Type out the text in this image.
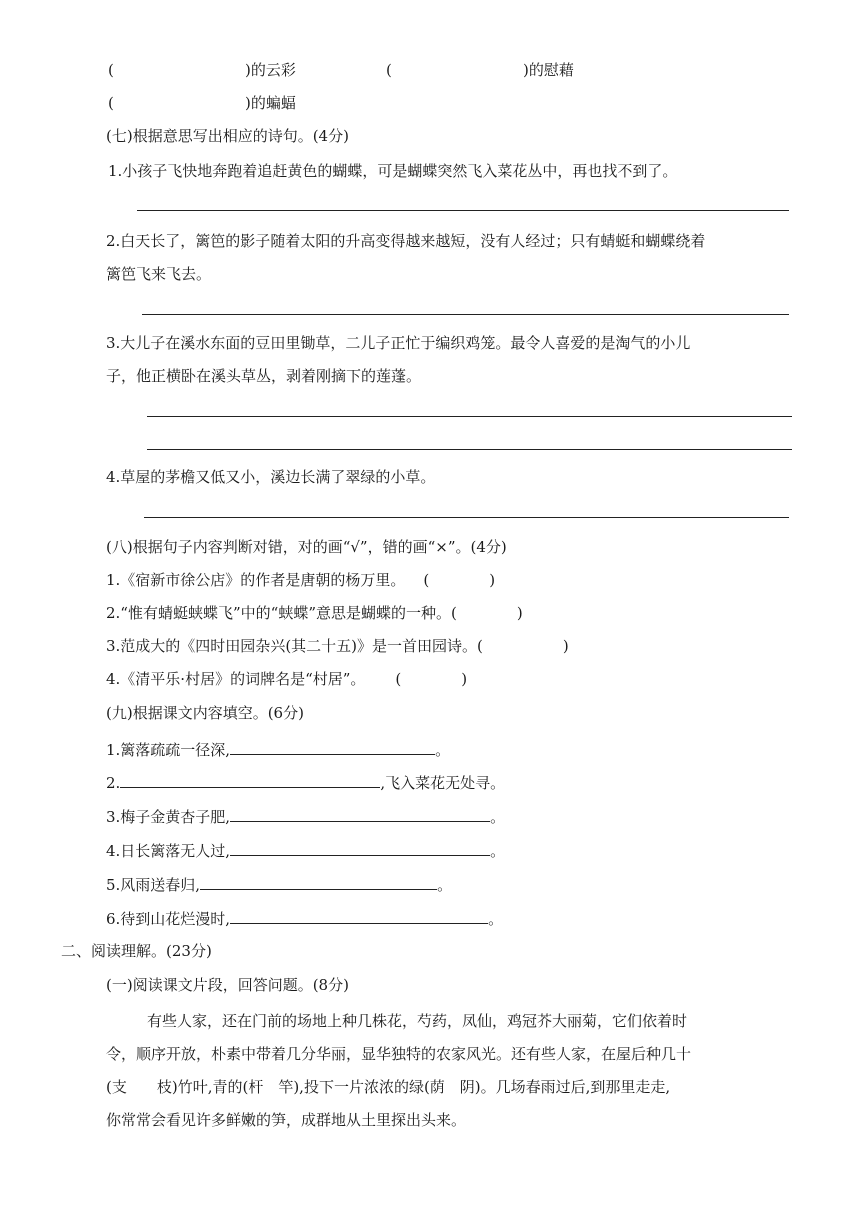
(	)的云彩	(	)的慰藉
(	)的蝙蝠
(七)根据意思写出相应的诗句。(4分)
1.小孩子飞快地奔跑着追赶黄色的蝴蝶，可是蝴蝶突然飞入菜花丛中，再也找不到了。
2.白天长了，篱笆的影子随着太阳的升高变得越来越短，没有人经过；只有蜻蜓和蝴蝶绕着
篱笆飞来飞去。
3.大儿子在溪水东面的豆田里锄草，二儿子正忙于编织鸡笼。最令人喜爱的是淘气的小儿
子，他正横卧在溪头草丛，剥着刚摘下的莲蓬。
4.草屋的茅檐又低又小，溪边长满了翠绿的小草。
(八)根据句子内容判断对错，对的画“√”，错的画“×”。(4分)
1.《宿新市徐公店》的作者是唐朝的杨万里。 (	)
2.“惟有蜻蜓蛱蝶飞”中的“蛱蝶”意思是蝴蝶的一种。(	)
3.范成大的《四时田园杂兴(其二十五)》是一首田园诗。(	)
4.《清平乐·村居》的词牌名是“村居”。 (	)
(九)根据课文内容填空。(6分)
1.篱落疏疏一径深,	。
2.	,飞入菜花无处寻。
3.梅子金黄杏子肥,	。
4.日长篱落无人过,	。
5.风雨送春归,	。
6.待到山花烂漫时,	。
二、阅读理解。(23分)
(一)阅读课文片段，回答问题。(8分)
有些人家，还在门前的场地上种几株花，芍药，凤仙，鸡冠芥大丽菊，它们依着时
令，顺序开放，朴素中带着几分华丽，显华独特的农家风光。还有些人家，在屋后种几十
(支　　枝)竹叶,青的(杆　竿),投下一片浓浓的绿(荫　阴)。几场春雨过后,到那里走走,
你常常会看见许多鲜嫩的笋，成群地从土里探出头来。
